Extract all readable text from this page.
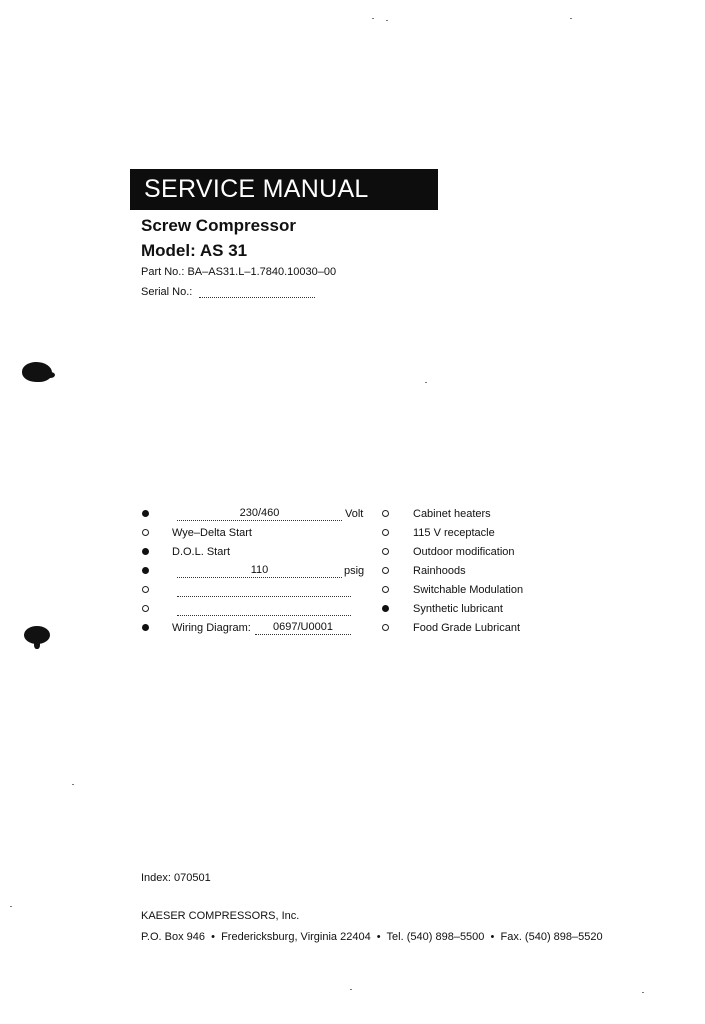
SERVICE MANUAL
Screw Compressor
Model: AS 31
Part No.: BA–AS31.L–1.7840.10030–00
Serial No.:
230/460	Volt
Wye–Delta Start
D.O.L. Start
110	psig
Wiring Diagram:	0697/U0001
Cabinet heaters
115 V receptacle
Outdoor modification
Rainhoods
Switchable Modulation
Synthetic lubricant
Food Grade Lubricant
Index: 070501
KAESER COMPRESSORS, Inc.
P.O. Box 946  •  Fredericksburg, Virginia 22404  •  Tel. (540) 898–5500  •  Fax. (540) 898–5520
